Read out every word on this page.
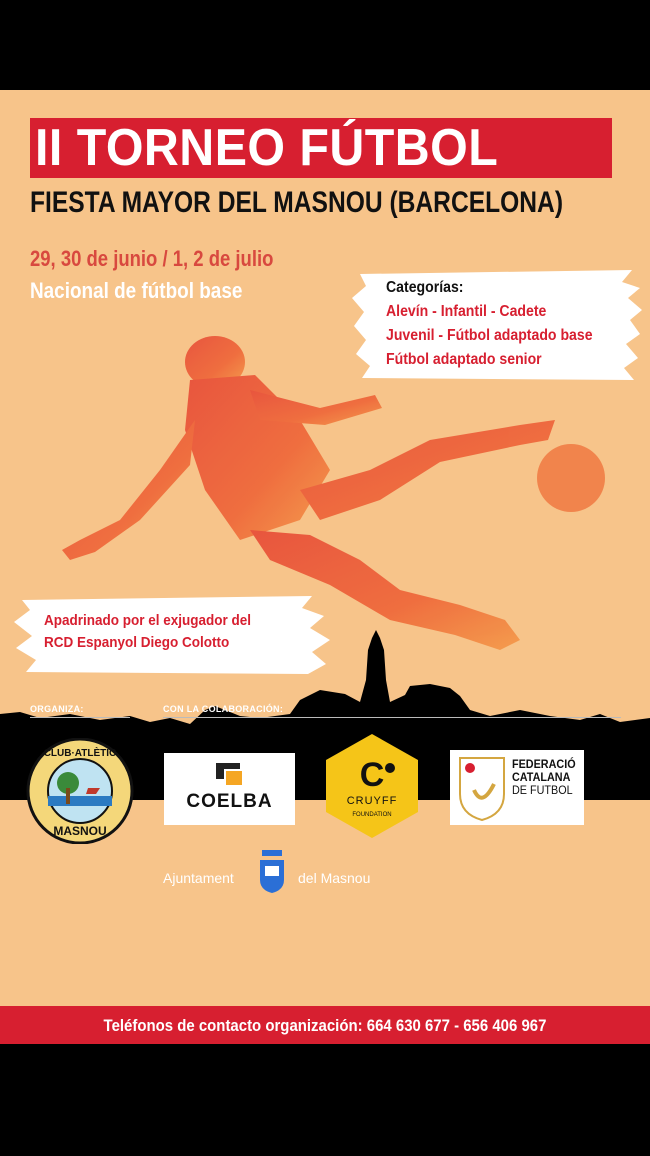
II TORNEO FÚTBOL
FIESTA MAYOR DEL MASNOU (BARCELONA)
29, 30 de junio / 1, 2 de julio
Nacional de fútbol base	Categorías:
Alevín - Infantil - Cadete
Juvenil - Fútbol adaptado base
Fútbol adaptado senior
Apadrinado por el exjugador del
RCD Espanyol Diego Colotto
ORGANIZA:	CON LA COLABORACIÓN:
CLUB·ATLÈTIC
MASNOU
COELBA
C
CRUYFF
FOUNDATION
FEDERACIÓ
CATALANA
DE FUTBOL
Ajuntament	del Masnou
Teléfonos de contacto organización: 664 630 677 - 656 406 967
